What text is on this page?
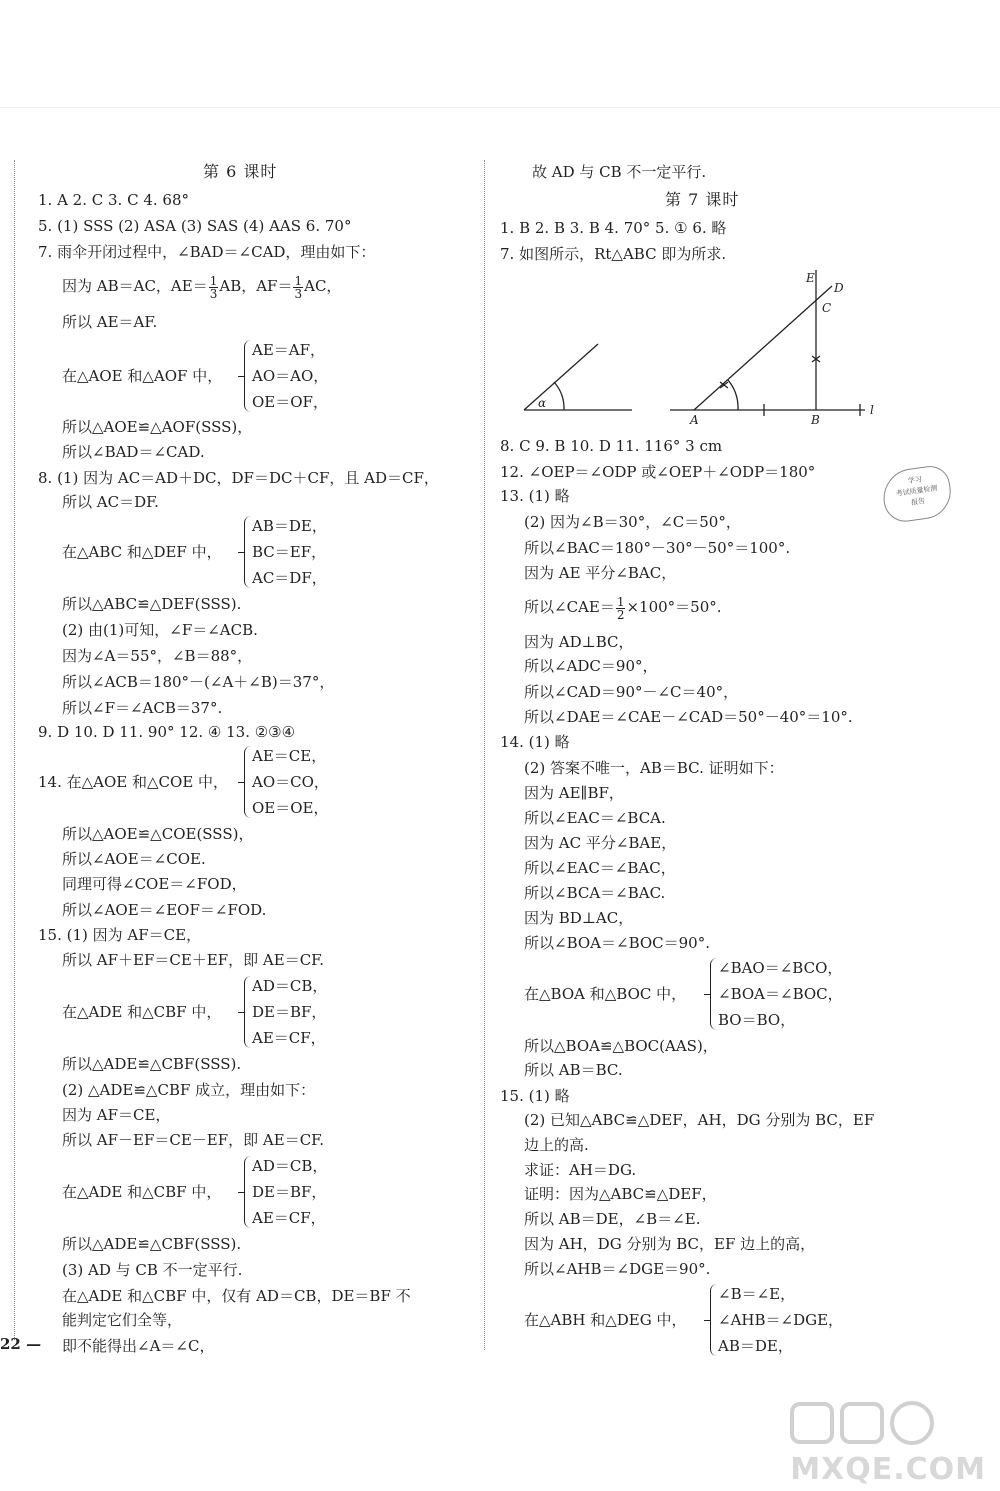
第 6 课时
1. A 2. C 3. C 4. 68°
5. (1) SSS (2) ASA (3) SAS (4) AAS 6. 70°
7. 雨伞开闭过程中，∠BAD＝∠CAD，理由如下：
因为 AB＝AC，$AE= \frac{1}{3}$ AB，$AF= \frac{1}{3}$ AC，
所以 AE＝AF.
在△AOE 和△AOF 中，
AE＝AF，
AO＝AO，
OE＝OF，
所以△AOE≌△AOF(SSS)，
所以∠BAD＝∠CAD.
8. (1) 因为 AC＝AD＋DC，DF＝DC＋CF，且 AD＝CF，
所以 AC＝DF.
在△ABC 和△DEF 中，
AB＝DE，
BC＝EF，
AC＝DF，
所以△ABC≌△DEF(SSS).
(2) 由(1)可知，∠F＝∠ACB.
因为∠A＝55°，∠B＝88°，
所以∠ACB＝180°－(∠A＋∠B)＝37°，
所以∠F＝∠ACB＝37°.
9. D 10. D 11. 90° 12. ④ 13. ②③④
14. 在△AOE 和△COE 中，
AE＝CE，
AO＝CO，
OE＝OE，
所以△AOE≌△COE(SSS)，
所以∠AOE＝∠COE.
同理可得∠COE＝∠FOD，
所以∠AOE＝∠EOF＝∠FOD.
15. (1) 因为 AF＝CE，
所以 AF＋EF＝CE＋EF，即 AE＝CF.
在△ADE 和△CBF 中，
AD＝CB，
DE＝BF，
AE＝CF，
所以△ADE≌△CBF(SSS).
(2) △ADE≌△CBF 成立，理由如下：
因为 AF＝CE，
所以 AF－EF＝CE－EF，即 AE＝CF.
在△ADE 和△CBF 中，
AD＝CB，
DE＝BF，
AE＝CF，
所以△ADE≌△CBF(SSS).
(3) AD 与 CB 不一定平行.
在△ADE 和△CBF 中，仅有 AD＝CB，DE＝BF 不
能判定它们全等，
即不能得出∠A＝∠C，
故 AD 与 CB 不一定平行.
第 7 课时
1. B 2. B 3. B 4. 70° 5. ① 6. 略
7. 如图所示，Rt△ABC 即为所求.
α
A	B
C
D
E
l
8. C 9. B 10. D 11. 116° 3 cm
12. ∠OEP＝∠ODP 或∠OEP＋∠ODP＝180°
13. (1) 略
(2) 因为∠B＝30°，∠C＝50°，
所以∠BAC＝180°－30°－50°＝100°.
因为 AE 平分∠BAC，
所以∠CAE＝ $\frac{1}{2} \times 100^\circ=50^\circ$.
因为 AD⊥BC，
所以∠ADC＝90°，
所以∠CAD＝90°－∠C＝40°，
所以∠DAE＝∠CAE－∠CAD＝50°－40°＝10°.
14. (1) 略
(2) 答案不唯一，AB＝BC. 证明如下：
因为 AE∥BF，
所以∠EAC＝∠BCA.
因为 AC 平分∠BAE，
所以∠EAC＝∠BAC，
所以∠BCA＝∠BAC.
因为 BD⊥AC，
所以∠BOA＝∠BOC＝90°.
在△BOA 和△BOC 中，
∠BAO＝∠BCO，
∠BOA＝∠BOC，
BO＝BO，
所以△BOA≌△BOC(AAS)，
所以 AB＝BC.
15. (1) 略
(2) 已知△ABC≌△DEF，AH，DG 分别为 BC，EF
边上的高.
求证：AH＝DG.
证明：因为△ABC≌△DEF，
所以 AB＝DE，∠B＝∠E.
因为 AH，DG 分别为 BC，EF 边上的高，
所以∠AHB＝∠DGE＝90°.
在△ABH 和△DEG 中，
∠B＝∠E，
∠AHB＝∠DGE，
AB＝DE，
学习
考试质量检测
报告
22 —
MXQE.COM
